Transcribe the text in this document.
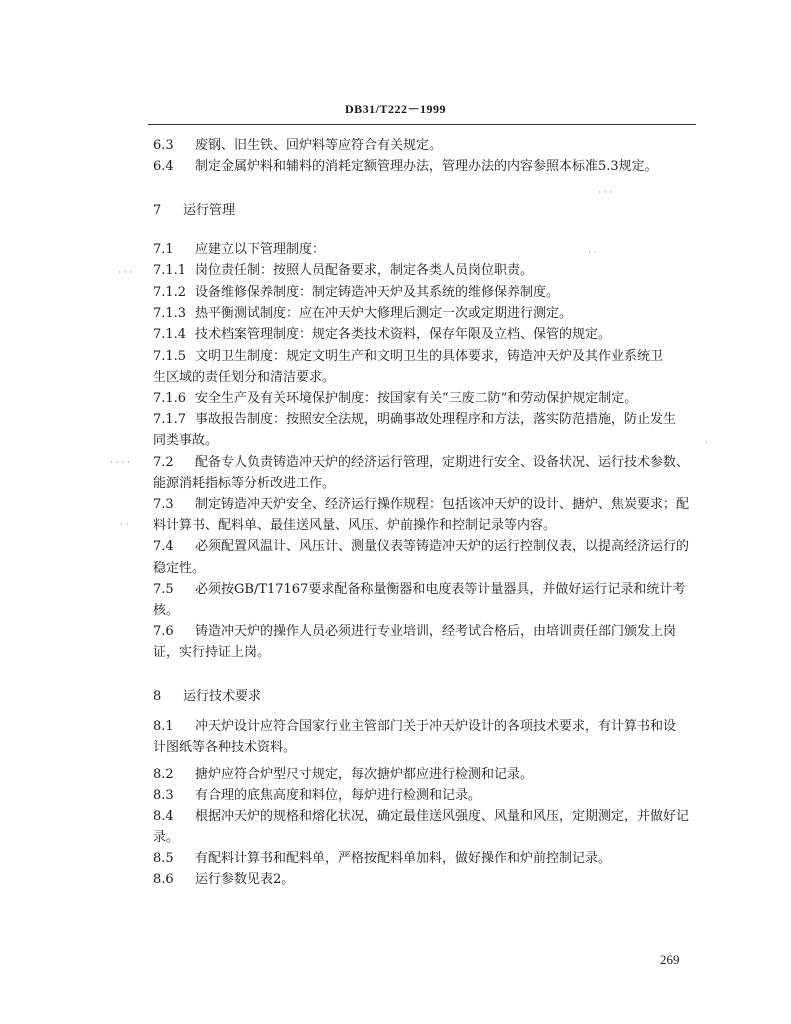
DB31/T222－1999
6.3 废钢、旧生铁、回炉料等应符合有关规定。
6.4 制定金属炉料和辅料的消耗定额管理办法，管理办法的内容参照本标准5.3规定。
7 运行管理
7.1 应建立以下管理制度：
7.1.1 岗位责任制：按照人员配备要求，制定各类人员岗位职责。
7.1.2 设备维修保养制度：制定铸造冲天炉及其系统的维修保养制度。
7.1.3 热平衡测试制度：应在冲天炉大修理后测定一次或定期进行测定。
7.1.4 技术档案管理制度：规定各类技术资料，保存年限及立档、保管的规定。
7.1.5 文明卫生制度：规定文明生产和文明卫生的具体要求，铸造冲天炉及其作业系统卫
生区域的责任划分和清洁要求。
7.1.6 安全生产及有关环境保护制度：按国家有关“三废二防”和劳动保护规定制定。
7.1.7 事故报告制度：按照安全法规，明确事故处理程序和方法，落实防范措施，防止发生
同类事故。
7.2 配备专人负责铸造冲天炉的经济运行管理，定期进行安全、设备状况、运行技术参数、
能源消耗指标等分析改进工作。
7.3 制定铸造冲天炉安全、经济运行操作规程：包括该冲天炉的设计、搪炉、焦炭要求；配
料计算书、配料单、最佳送风量、风压、炉前操作和控制记录等内容。
7.4 必须配置风温计、风压计、测量仪表等铸造冲天炉的运行控制仪表，以提高经济运行的
稳定性。
7.5 必须按GB/T17167要求配备称量衡器和电度表等计量器具，并做好运行记录和统计考
核。
7.6 铸造冲天炉的操作人员必须进行专业培训，经考试合格后，由培训责任部门颁发上岗
证，实行持证上岗。
8 运行技术要求
8.1 冲天炉设计应符合国家行业主管部门关于冲天炉设计的各项技术要求，有计算书和设
计图纸等各种技术资料。
8.2 搪炉应符合炉型尺寸规定，每次搪炉都应进行检测和记录。
8.3 有合理的底焦高度和料位，每炉进行检测和记录。
8.4 根据冲天炉的规格和熔化状况，确定最佳送风强度、风量和风压，定期测定，并做好记
录。
8.5 有配料计算书和配料单，严格按配料单加料，做好操作和炉前控制记录。
8.6 运行参数见表2。
269
· · ·
· ·
· · ·
· · · ·
· ·
·
